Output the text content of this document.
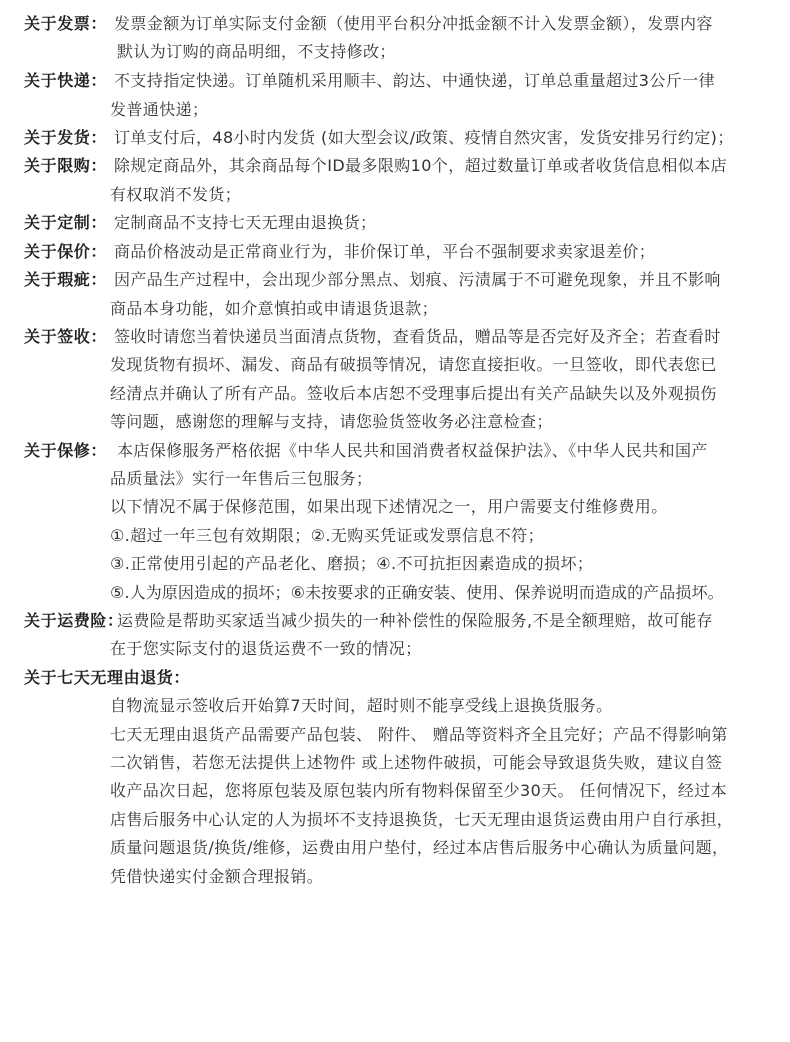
关于发票： 发票金额为订单实际支付金额（使用平台积分冲抵金额不计入发票金额），发票内容
默认为订购的商品明细，不支持修改；
关于快递： 不支持指定快递。订单随机采用顺丰、韵达、中通快递，订单总重量超过3公斤一律
发普通快递；
关于发货： 订单支付后，48小时内发货 (如大型会议/政策、疫情自然灾害，发货安排另行约定)；
关于限购： 除规定商品外，其余商品每个ID最多限购10个，超过数量订单或者收货信息相似本店
有权取消不发货；
关于定制： 定制商品不支持七天无理由退换货；
关于保价： 商品价格波动是正常商业行为，非价保订单，平台不强制要求卖家退差价；
关于瑕疵： 因产品生产过程中，会出现少部分黑点、划痕、污渍属于不可避免现象，并且不影响
商品本身功能，如介意慎拍或申请退货退款；
关于签收： 签收时请您当着快递员当面清点货物，查看货品，赠品等是否完好及齐全；若查看时
发现货物有损坏、漏发、商品有破损等情况，请您直接拒收。一旦签收，即代表您已
经清点并确认了所有产品。签收后本店恕不受理事后提出有关产品缺失以及外观损伤
等问题，感谢您的理解与支持，请您验货签收务必注意检查；
关于保修： 本店保修服务严格依据《中华人民共和国消费者权益保护法》、《中华人民共和国产
品质量法》实行一年售后三包服务；
以下情况不属于保修范围，如果出现下述情况之一，用户需要支付维修费用。
①.超过一年三包有效期限；②.无购买凭证或发票信息不符；
③.正常使用引起的产品老化、磨损；④.不可抗拒因素造成的损坏；
⑤.人为原因造成的损坏；⑥未按要求的正确安装、使用、保养说明而造成的产品损坏。
关于运费险：
运费险是帮助买家适当减少损失的一种补偿性的保险服务,不是全额理赔，故可能存
在于您实际支付的退货运费不一致的情况；
关于七天无理由退货：
自物流显示签收后开始算7天时间，超时则不能享受线上退换货服务。
七天无理由退货产品需要产品包装、 附件、 赠品等资料齐全且完好；产品不得影响第
二次销售，若您无法提供上述物件 或上述物件破损，可能会导致退货失败，建议自签
收产品次日起，您将原包装及原包装内所有物料保留至少30天。 任何情况下，经过本
店售后服务中心认定的人为损坏不支持退换货，七天无理由退货运费由用户自行承担，
质量问题退货/换货/维修，运费由用户垫付，经过本店售后服务中心确认为质量问题，
凭借快递实付金额合理报销。
